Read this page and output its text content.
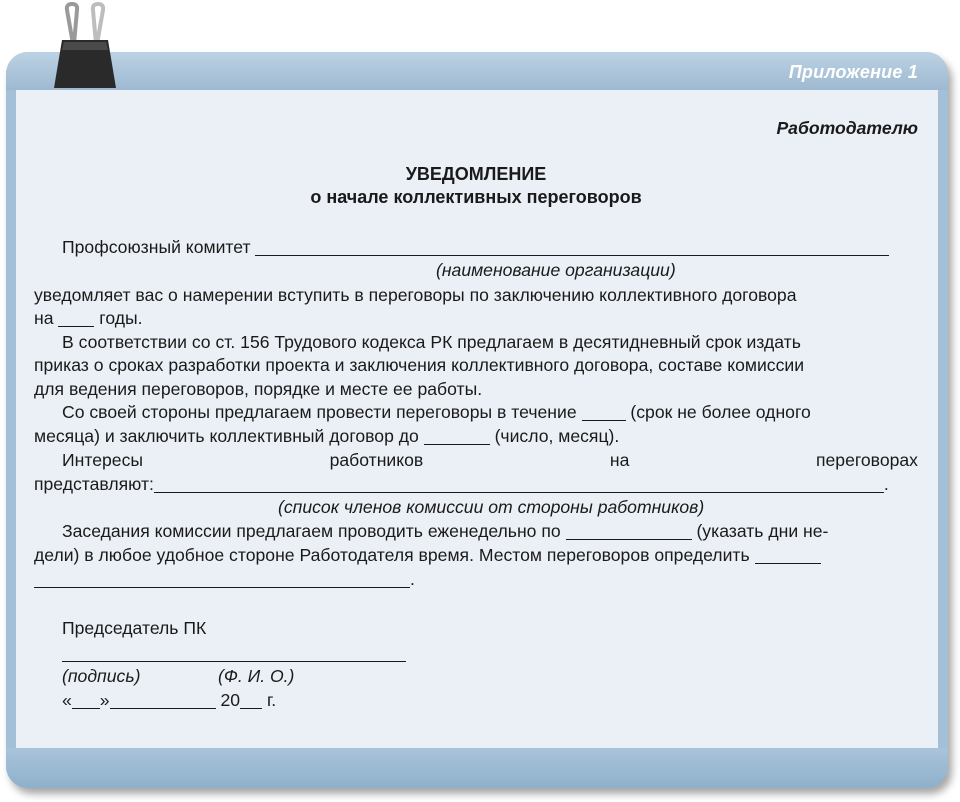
Приложение 1
Работодателю
УВЕДОМЛЕНИЕ
о начале коллективных переговоров
Профсоюзный комитет
(наименование организации)
уведомляет вас о намерении вступить в переговоры по заключению коллективного договора
на	годы.
В соответствии со ст. 156 Трудового кодекса РК предлагаем в десятидневный срок издать
приказ о сроках разработки проекта и заключения коллективного договора, составе комиссии
для ведения переговоров, порядке и месте ее работы.
Со своей стороны предлагаем провести переговоры в течение	(срок не более одного
месяца) и заключить коллективный договор до	(число, месяц).
Интересы	работников	на	переговорах
представляют:	.
(список членов комиссии от стороны работников)
Заседания комиссии предлагаем проводить еженедельно по	(указать дни не-
дели) в любое удобное стороне Работодателя время. Местом переговоров определить
.
Председатель ПК
(подпись)	(Ф. И. О.)
« »	20 г.
